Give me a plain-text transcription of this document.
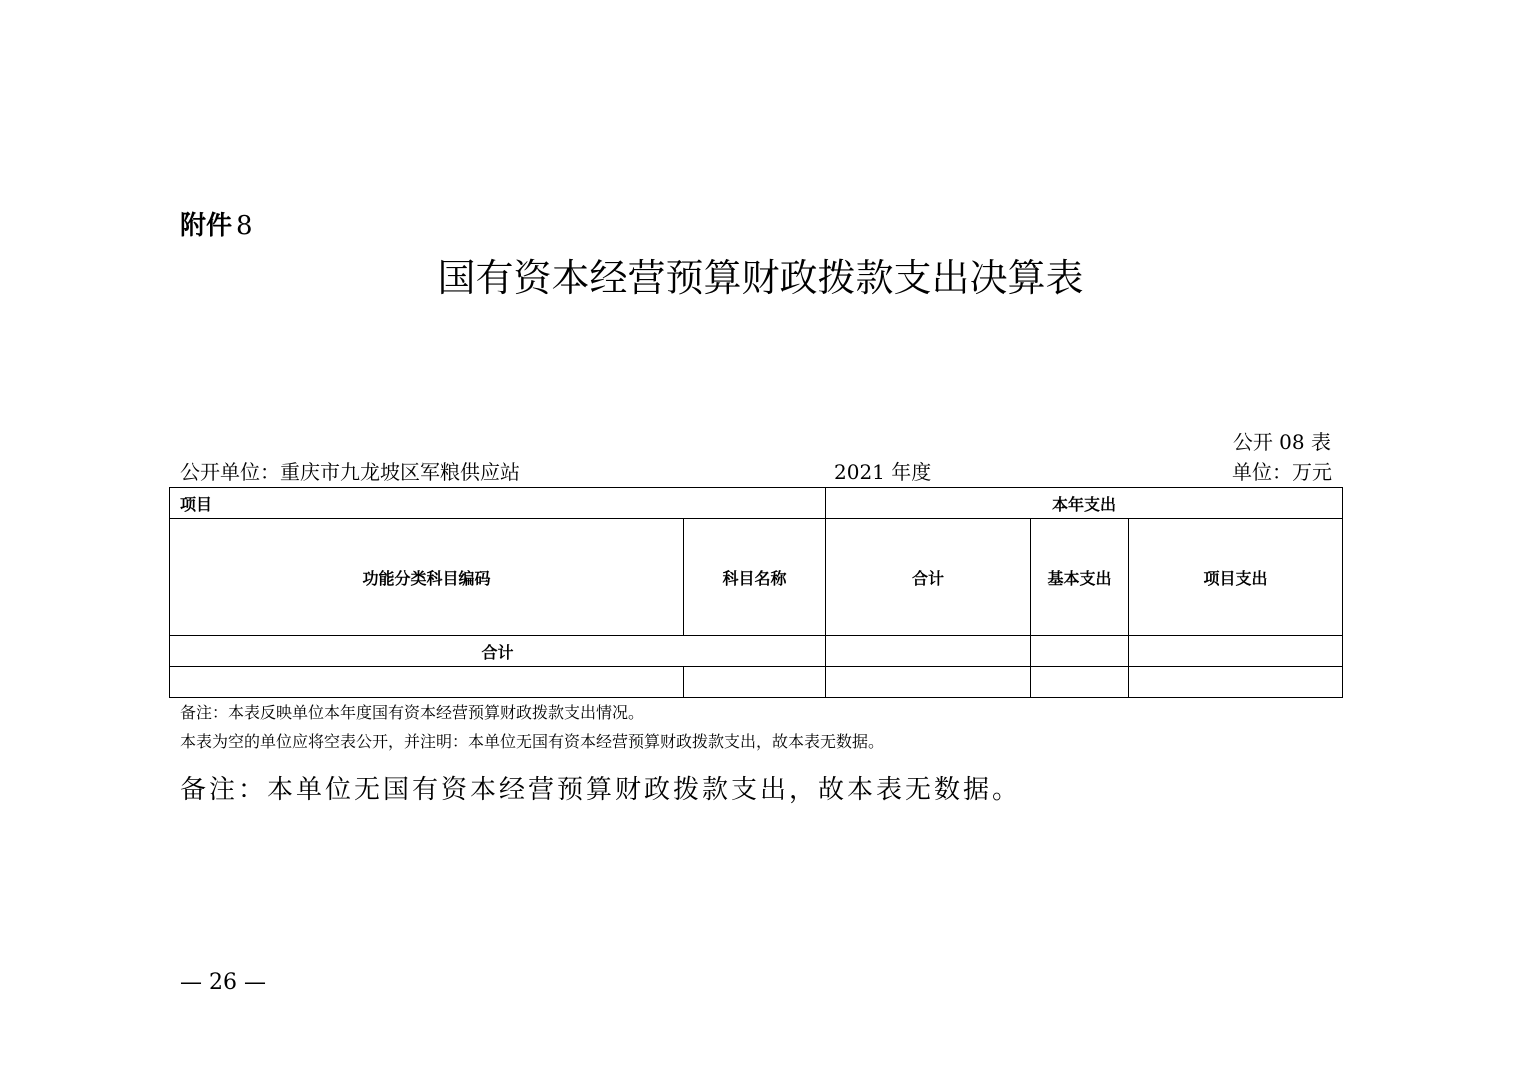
附件 8
国有资本经营预算财政拨款支出决算表
公开 08 表
公开单位：重庆市九龙坡区军粮供应站	2021 年度	单位：万元
项目		本年支出		
功能分类科目编码	科目名称	合计	基本支出	项目支出
合计				

备注：本表反映单位本年度国有资本经营预算财政拨款支出情况。
本表为空的单位应将空表公开，并注明：本单位无国有资本经营预算财政拨款支出，故本表无数据。
备注：本单位无国有资本经营预算财政拨款支出，故本表无数据。
— 26 —
